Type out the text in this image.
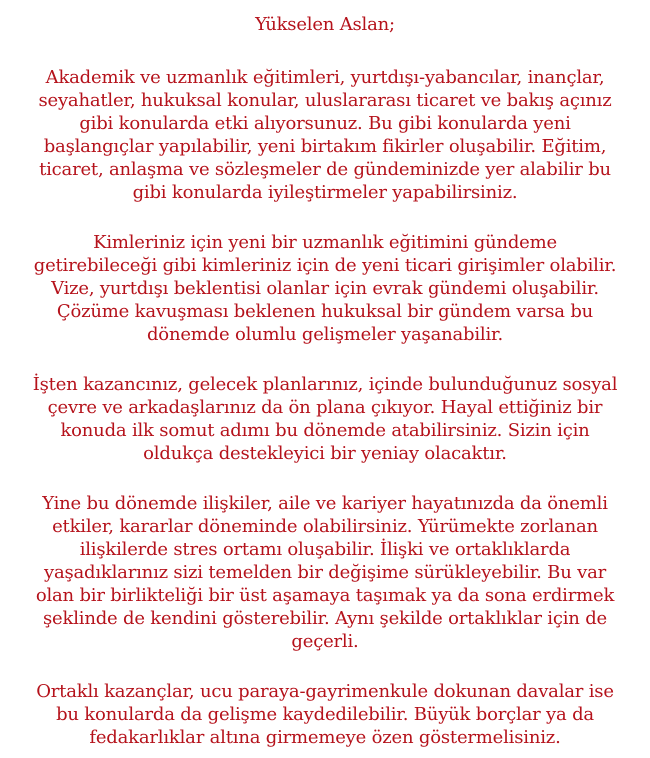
Yükselen Aslan;
Akademik ve uzmanlık eğitimleri, yurtdışı-yabancılar, inançlar,
seyahatler, hukuksal konular, uluslararası ticaret ve bakış açınız
gibi konularda etki alıyorsunuz. Bu gibi konularda yeni
başlangıçlar yapılabilir, yeni birtakım fikirler oluşabilir. Eğitim,
ticaret, anlaşma ve sözleşmeler de gündeminizde yer alabilir bu
gibi konularda iyileştirmeler yapabilirsiniz.
Kimleriniz için yeni bir uzmanlık eğitimini gündeme
getirebileceği gibi kimleriniz için de yeni ticari girişimler olabilir.
Vize, yurtdışı beklentisi olanlar için evrak gündemi oluşabilir.
Çözüme kavuşması beklenen hukuksal bir gündem varsa bu
dönemde olumlu gelişmeler yaşanabilir.
İşten kazancınız, gelecek planlarınız, içinde bulunduğunuz sosyal
çevre ve arkadaşlarınız da ön plana çıkıyor. Hayal ettiğiniz bir
konuda ilk somut adımı bu dönemde atabilirsiniz. Sizin için
oldukça destekleyici bir yeniay olacaktır.
Yine bu dönemde ilişkiler, aile ve kariyer hayatınızda da önemli
etkiler, kararlar döneminde olabilirsiniz. Yürümekte zorlanan
ilişkilerde stres ortamı oluşabilir. İlişki ve ortaklıklarda
yaşadıklarınız sizi temelden bir değişime sürükleyebilir. Bu var
olan bir birlikteliği bir üst aşamaya taşımak ya da sona erdirmek
şeklinde de kendini gösterebilir. Aynı şekilde ortaklıklar için de
geçerli.
Ortaklı kazançlar, ucu paraya-gayrimenkule dokunan davalar ise
bu konularda da gelişme kaydedilebilir. Büyük borçlar ya da
fedakarlıklar altına girmemeye özen göstermelisiniz.
